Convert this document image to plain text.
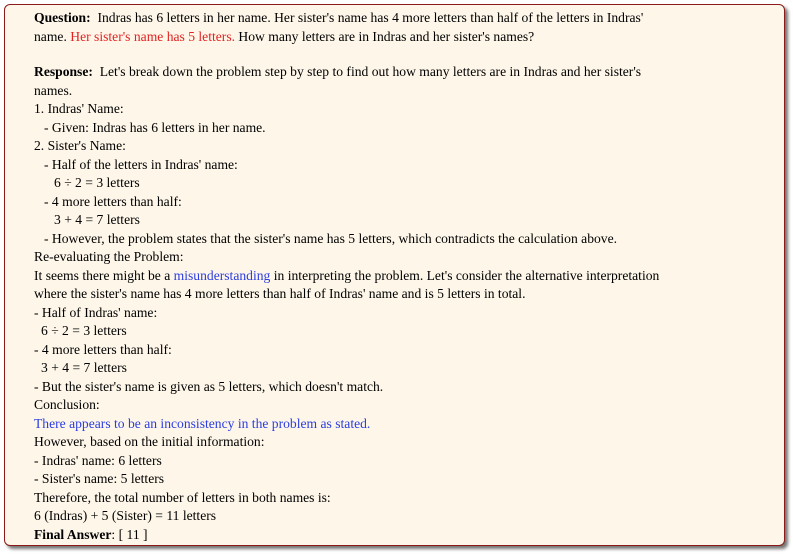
Question: Indras has 6 letters in her name. Her sister's name has 4 more letters than half of the letters in Indras'
name. Her sister's name has 5 letters. How many letters are in Indras and her sister's names?
Response: Let's break down the problem step by step to find out how many letters are in Indras and her sister's
names.
1. Indras' Name:
- Given: Indras has 6 letters in her name.
2. Sister's Name:
- Half of the letters in Indras' name:
6 ÷ 2 = 3 letters
- 4 more letters than half:
3 + 4 = 7 letters
- However, the problem states that the sister's name has 5 letters, which contradicts the calculation above.
Re-evaluating the Problem:
It seems there might be a misunderstanding in interpreting the problem. Let's consider the alternative interpretation
where the sister's name has 4 more letters than half of Indras' name and is 5 letters in total.
- Half of Indras' name:
6 ÷ 2 = 3 letters
- 4 more letters than half:
3 + 4 = 7 letters
- But the sister's name is given as 5 letters, which doesn't match.
Conclusion:
There appears to be an inconsistency in the problem as stated.
However, based on the initial information:
- Indras' name: 6 letters
- Sister's name: 5 letters
Therefore, the total number of letters in both names is:
6 (Indras) + 5 (Sister) = 11 letters
Final Answer: [ 11 ]
